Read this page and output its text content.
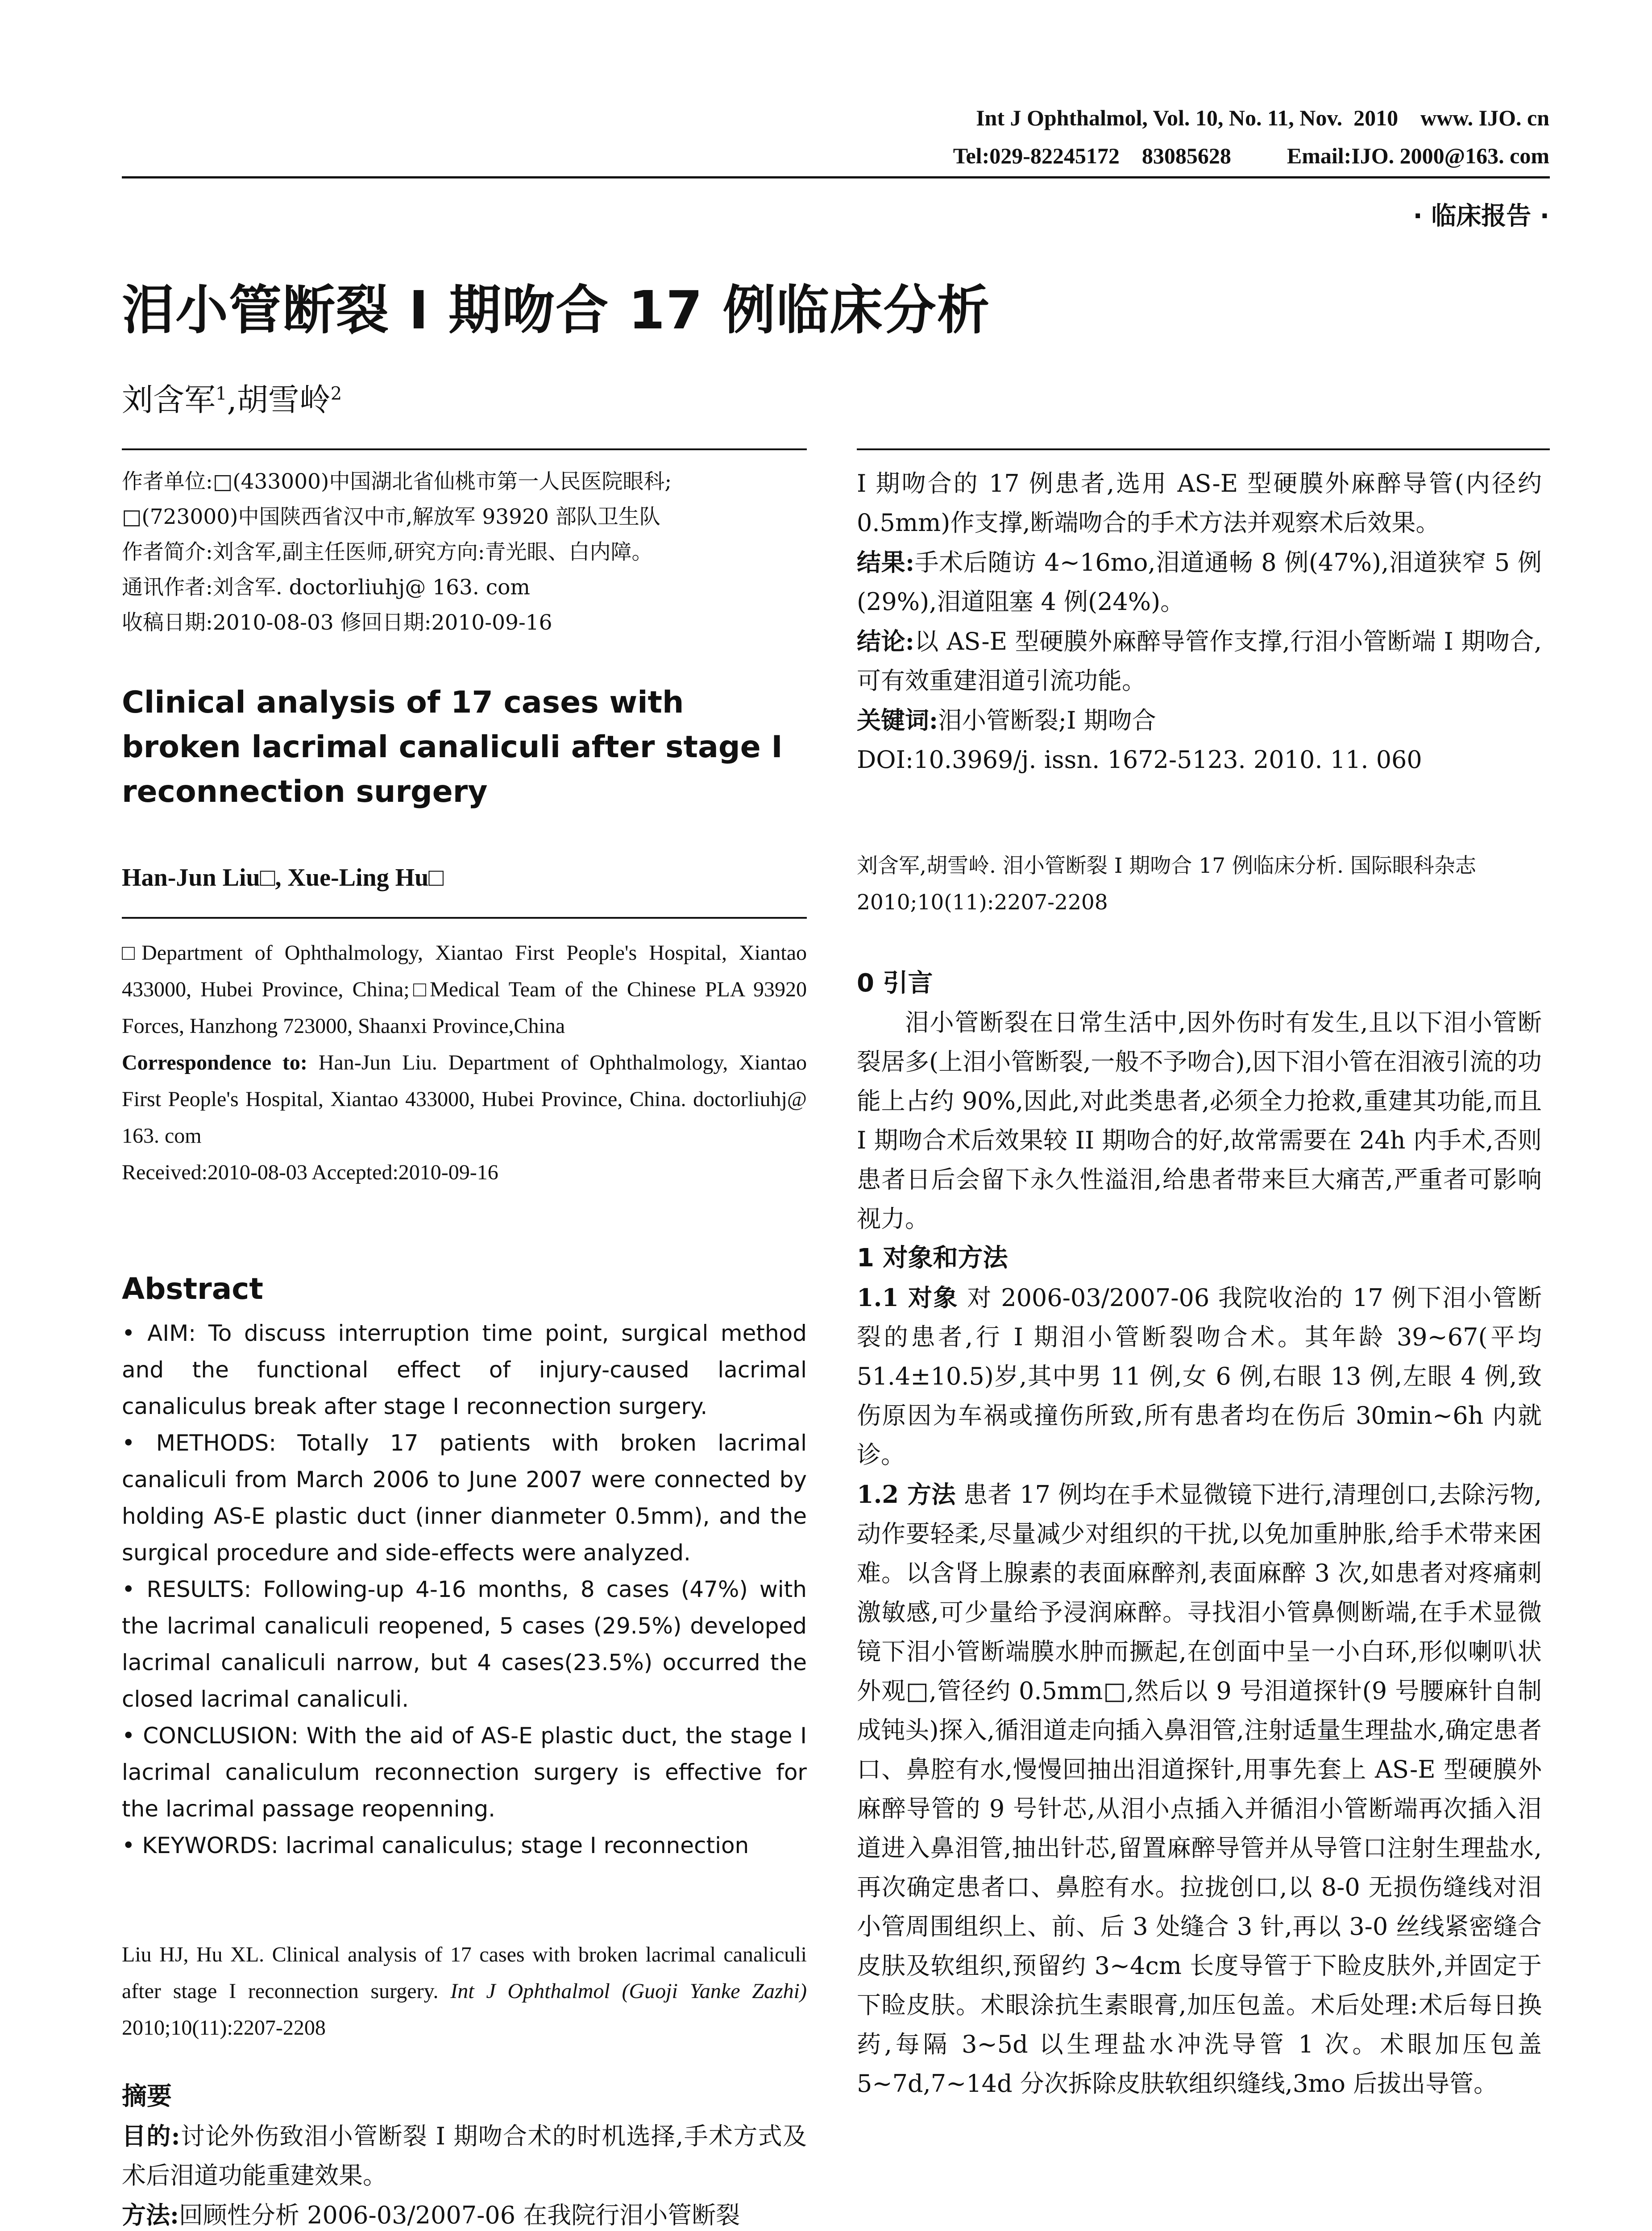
Int J Ophthalmol, Vol. 10, No. 11, Nov.  2010    www. IJO. cn
Tel:029-82245172    83085628          Email:IJO. 2000@163. com
· 临床报告 ·
泪小管断裂 I 期吻合 17 例临床分析
刘含军$^1$,胡雪岭$^2$

作者单位:□(433000)中国湖北省仙桃市第一人民医院眼科;

□(723000)中国陕西省汉中市,解放军 93920 部队卫生队

作者简介:刘含军,副主任医师,研究方向:青光眼、白内障。

通讯作者:刘含军. doctorliuhj@ 163. com

收稿日期:2010-08-03 修回日期:2010-09-16

Clinical analysis of 17 cases with broken lacrimal canaliculi after stage I reconnection surgery
Han-Jun Liu□, Xue-Ling Hu□

□Department of Ophthalmology, Xiantao First People's Hospital, Xiantao 433000, Hubei Province, China;□Medical Team of the Chinese PLA 93920 Forces, Hanzhong 723000, Shaanxi Province,China

Correspondence to: Han-Jun Liu. Department of Ophthalmology, Xiantao First People's Hospital, Xiantao 433000, Hubei Province, China. doctorliuhj@ 163. com

Received:2010-08-03 Accepted:2010-09-16

Abstract

• AIM: To discuss interruption time point, surgical method and the functional effect of injury-caused lacrimal canaliculus break after stage I reconnection surgery.

• METHODS: Totally 17 patients with broken lacrimal canaliculi from March 2006 to June 2007 were connected by holding AS-E plastic duct (inner dianmeter 0.5mm), and the surgical procedure and side-effects were analyzed.

• RESULTS: Following-up 4-16 months, 8 cases (47%) with the lacrimal canaliculi reopened, 5 cases (29.5%) developed lacrimal canaliculi narrow, but 4 cases(23.5%) occurred the closed lacrimal canaliculi.

• CONCLUSION: With the aid of AS-E plastic duct, the stage I lacrimal canaliculum reconnection surgery is effective for the lacrimal passage reopenning.

• KEYWORDS: lacrimal canaliculus; stage I reconnection

Liu HJ, Hu XL. Clinical analysis of 17 cases with broken lacrimal canaliculi after stage I reconnection surgery. Int J Ophthalmol (Guoji Yanke Zazhi) 2010;10(11):2207-2208
摘要

目的:讨论外伤致泪小管断裂 I 期吻合术的时机选择,手术方式及术后泪道功能重建效果。

方法:回顾性分析 2006-03/2007-06 在我院行泪小管断裂

I 期吻合的 17 例患者,选用 AS-E 型硬膜外麻醉导管(内径约 0.5mm)作支撑,断端吻合的手术方法并观察术后效果。

结果:手术后随访 4~16mo,泪道通畅 8 例(47%),泪道狭窄 5 例(29%),泪道阻塞 4 例(24%)。

结论:以 AS-E 型硬膜外麻醉导管作支撑,行泪小管断端 I 期吻合,可有效重建泪道引流功能。

关键词:泪小管断裂;I 期吻合

DOI:10.3969/j. issn. 1672-5123. 2010. 11. 060

刘含军,胡雪岭. 泪小管断裂 I 期吻合 17 例临床分析. 国际眼科杂志 2010;10(11):2207-2208
0 引言

泪小管断裂在日常生活中,因外伤时有发生,且以下泪小管断裂居多(上泪小管断裂,一般不予吻合),因下泪小管在泪液引流的功能上占约 90%,因此,对此类患者,必须全力抢救,重建其功能,而且 I 期吻合术后效果较 II 期吻合的好,故常需要在 24h 内手术,否则患者日后会留下永久性溢泪,给患者带来巨大痛苦,严重者可影响视力。

1 对象和方法

1.1 对象 对 2006-03/2007-06 我院收治的 17 例下泪小管断裂的患者,行 I 期泪小管断裂吻合术。其年龄 39~67(平均 51.4±10.5)岁,其中男 11 例,女 6 例,右眼 13 例,左眼 4 例,致伤原因为车祸或撞伤所致,所有患者均在伤后 30min~6h 内就诊。

1.2 方法 患者 17 例均在手术显微镜下进行,清理创口,去除污物,动作要轻柔,尽量减少对组织的干扰,以免加重肿胀,给手术带来困难。以含肾上腺素的表面麻醉剂,表面麻醉 3 次,如患者对疼痛刺激敏感,可少量给予浸润麻醉。寻找泪小管鼻侧断端,在手术显微镜下泪小管断端膜水肿而撅起,在创面中呈一小白环,形似喇叭状外观□,管径约 0.5mm□,然后以 9 号泪道探针(9 号腰麻针自制成钝头)探入,循泪道走向插入鼻泪管,注射适量生理盐水,确定患者口、鼻腔有水,慢慢回抽出泪道探针,用事先套上 AS-E 型硬膜外麻醉导管的 9 号针芯,从泪小点插入并循泪小管断端再次插入泪道进入鼻泪管,抽出针芯,留置麻醉导管并从导管口注射生理盐水,再次确定患者口、鼻腔有水。拉拢创口,以 8-0 无损伤缝线对泪小管周围组织上、前、后 3 处缝合 3 针,再以 3-0 丝线紧密缝合皮肤及软组织,预留约 3~4cm 长度导管于下睑皮肤外,并固定于下睑皮肤。术眼涂抗生素眼膏,加压包盖。术后处理:术后每日换药,每隔 3~5d 以生理盐水冲洗导管 1 次。术眼加压包盖 5~7d,7~14d 分次拆除皮肤软组织缝线,3mo 后拔出导管。
